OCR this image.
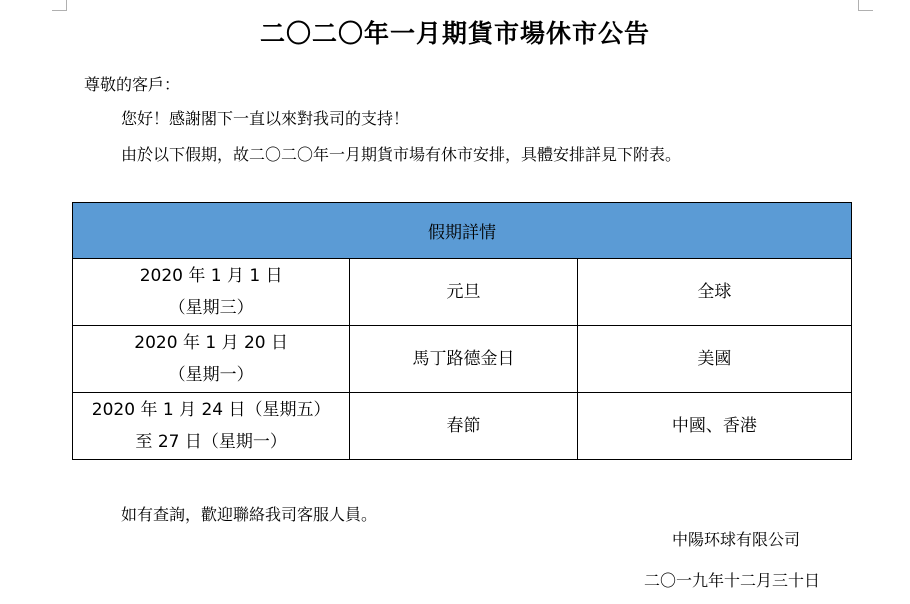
二〇二〇年一月期貨市場休市公告
尊敬的客戶：
您好！感謝閣下一直以來對我司的支持！
由於以下假期，故二〇二〇年一月期貨市場有休市安排，具體安排詳見下附表。
假期詳情		

2020 年 1 月 1 日
（星期三）	元旦	全球

2020 年 1 月 20 日
（星期一）	馬丁路德金日	美國

2020 年 1 月 24 日（星期五）
至 27 日（星期一）	春節	中國、香港
如有查詢，歡迎聯絡我司客服人員。
中陽环球有限公司
二〇一九年十二月三十日
